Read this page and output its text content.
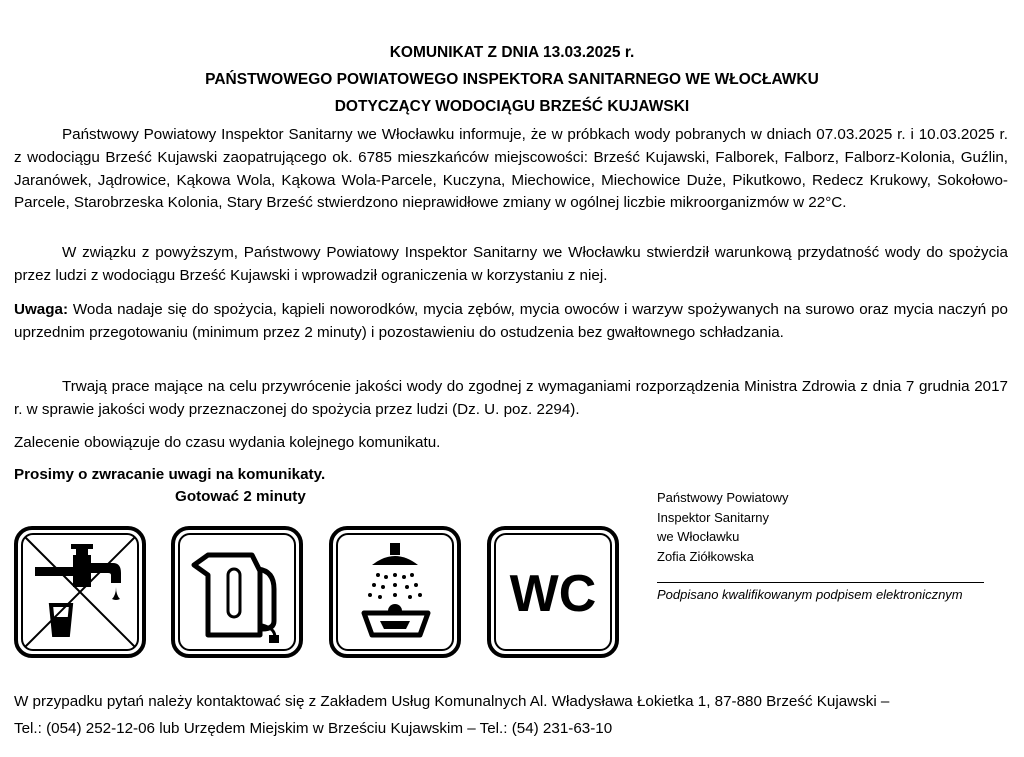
KOMUNIKAT Z DNIA 13.03.2025 r.
PAŃSTWOWEGO POWIATOWEGO INSPEKTORA SANITARNEGO WE WŁOCŁAWKU
DOTYCZĄCY WODOCIĄGU BRZEŚĆ KUJAWSKI
Państwowy Powiatowy Inspektor Sanitarny we Włocławku informuje, że w próbkach wody pobranych w dniach 07.03.2025 r. i 10.03.2025 r. z wodociągu Brześć Kujawski zaopatrującego ok. 6785 mieszkańców miejscowości: Brześć Kujawski, Falborek, Falborz, Falborz-Kolonia, Guźlin, Jaranówek, Jądrowice, Kąkowa Wola, Kąkowa Wola-Parcele, Kuczyna, Miechowice, Miechowice Duże, Pikutkowo, Redecz Krukowy, Sokołowo-Parcele, Starobrzeska Kolonia, Stary Brześć stwierdzono nieprawidłowe zmiany w ogólnej liczbie mikroorganizmów w 22°C.
W związku z powyższym, Państwowy Powiatowy Inspektor Sanitarny we Włocławku stwierdził warunkową przydatność wody do spożycia przez ludzi z wodociągu Brześć Kujawski i wprowadził ograniczenia w korzystaniu z niej.
Uwaga: Woda nadaje się do spożycia, kąpieli noworodków, mycia zębów, mycia owoców i warzyw spożywanych na surowo oraz mycia naczyń po uprzednim przegotowaniu (minimum przez 2 minuty) i pozostawieniu do ostudzenia bez gwałtownego schładzania.
Trwają prace mające na celu przywrócenie jakości wody do zgodnej z wymaganiami rozporządzenia Ministra Zdrowia z dnia 7 grudnia 2017 r. w sprawie jakości wody przeznaczonej do spożycia przez ludzi (Dz. U. poz. 2294).
Zalecenie obowiązuje do czasu wydania kolejnego komunikatu.
Prosimy o zwracanie uwagi na komunikaty.
Gotować 2 minuty
WC
Państwowy Powiatowy
Inspektor Sanitarny
we Włocławku
Zofia Ziółkowska
Podpisano kwalifikowanym podpisem elektronicznym
W przypadku pytań należy kontaktować się z Zakładem Usług Komunalnych Al. Władysława Łokietka 1, 87-880 Brześć Kujawski –
Tel.: (054) 252-12-06 lub Urzędem Miejskim w Brześciu Kujawskim – Tel.: (54) 231-63-10
